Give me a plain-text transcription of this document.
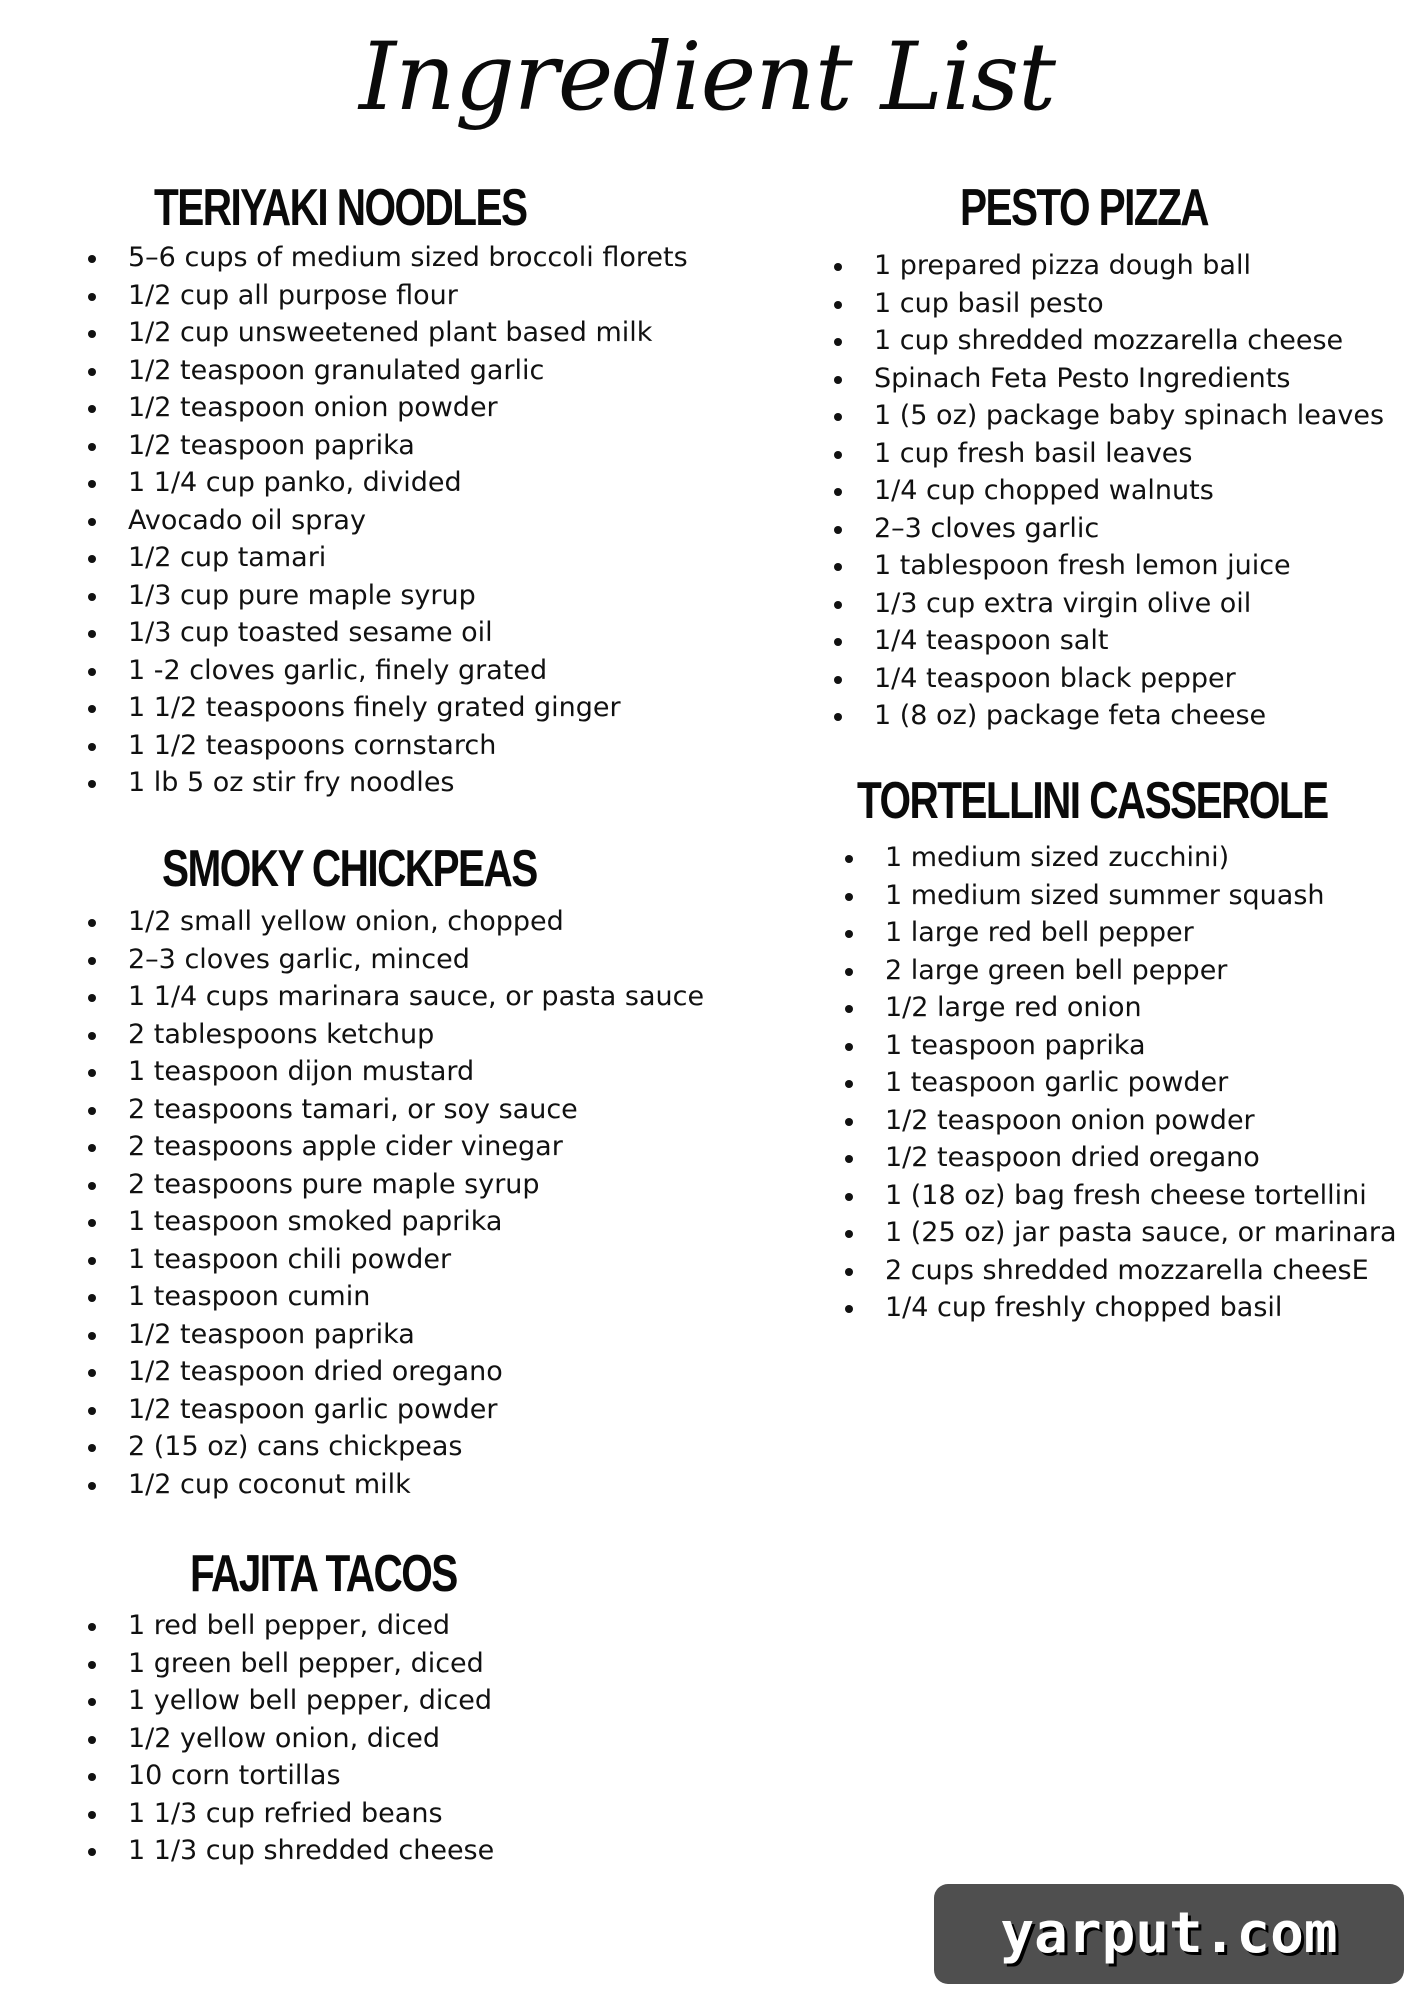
Ingredient List
TERIYAKI NOODLES
5–6 cups of medium sized broccoli florets
1/2 cup all purpose flour
1/2 cup unsweetened plant based milk
1/2 teaspoon granulated garlic
1/2 teaspoon onion powder
1/2 teaspoon paprika
1 1/4 cup panko, divided
Avocado oil spray
1/2 cup tamari
1/3 cup pure maple syrup
1/3 cup toasted sesame oil
1 -2 cloves garlic, finely grated
1 1/2 teaspoons finely grated ginger
1 1/2 teaspoons cornstarch
1 lb 5 oz stir fry noodles
SMOKY CHICKPEAS
1/2 small yellow onion, chopped
2–3 cloves garlic, minced
1 1/4 cups marinara sauce, or pasta sauce
2 tablespoons ketchup
1 teaspoon dijon mustard
2 teaspoons tamari, or soy sauce
2 teaspoons apple cider vinegar
2 teaspoons pure maple syrup
1 teaspoon smoked paprika
1 teaspoon chili powder
1 teaspoon cumin
1/2 teaspoon paprika
1/2 teaspoon dried oregano
1/2 teaspoon garlic powder
2 (15 oz) cans chickpeas
1/2 cup coconut milk
FAJITA TACOS
1 red bell pepper, diced
1 green bell pepper, diced
1 yellow bell pepper, diced
1/2 yellow onion, diced
10 corn tortillas
1 1/3 cup refried beans
1 1/3 cup shredded cheese
PESTO PIZZA
1 prepared pizza dough ball
1 cup basil pesto
1 cup shredded mozzarella cheese
Spinach Feta Pesto Ingredients
1 (5 oz) package baby spinach leaves
1 cup fresh basil leaves
1/4 cup chopped walnuts
2–3 cloves garlic
1 tablespoon fresh lemon juice
1/3 cup extra virgin olive oil
1/4 teaspoon salt
1/4 teaspoon black pepper
1 (8 oz) package feta cheese
TORTELLINI CASSEROLE
1 medium sized zucchini)
1 medium sized summer squash
1 large red bell pepper
2 large green bell pepper
1/2 large red onion
1 teaspoon paprika
1 teaspoon garlic powder
1/2 teaspoon onion powder
1/2 teaspoon dried oregano
1 (18 oz) bag fresh cheese tortellini
1 (25 oz) jar pasta sauce, or marinara
2 cups shredded mozzarella cheesE
1/4 cup freshly chopped basil
yarput.com
